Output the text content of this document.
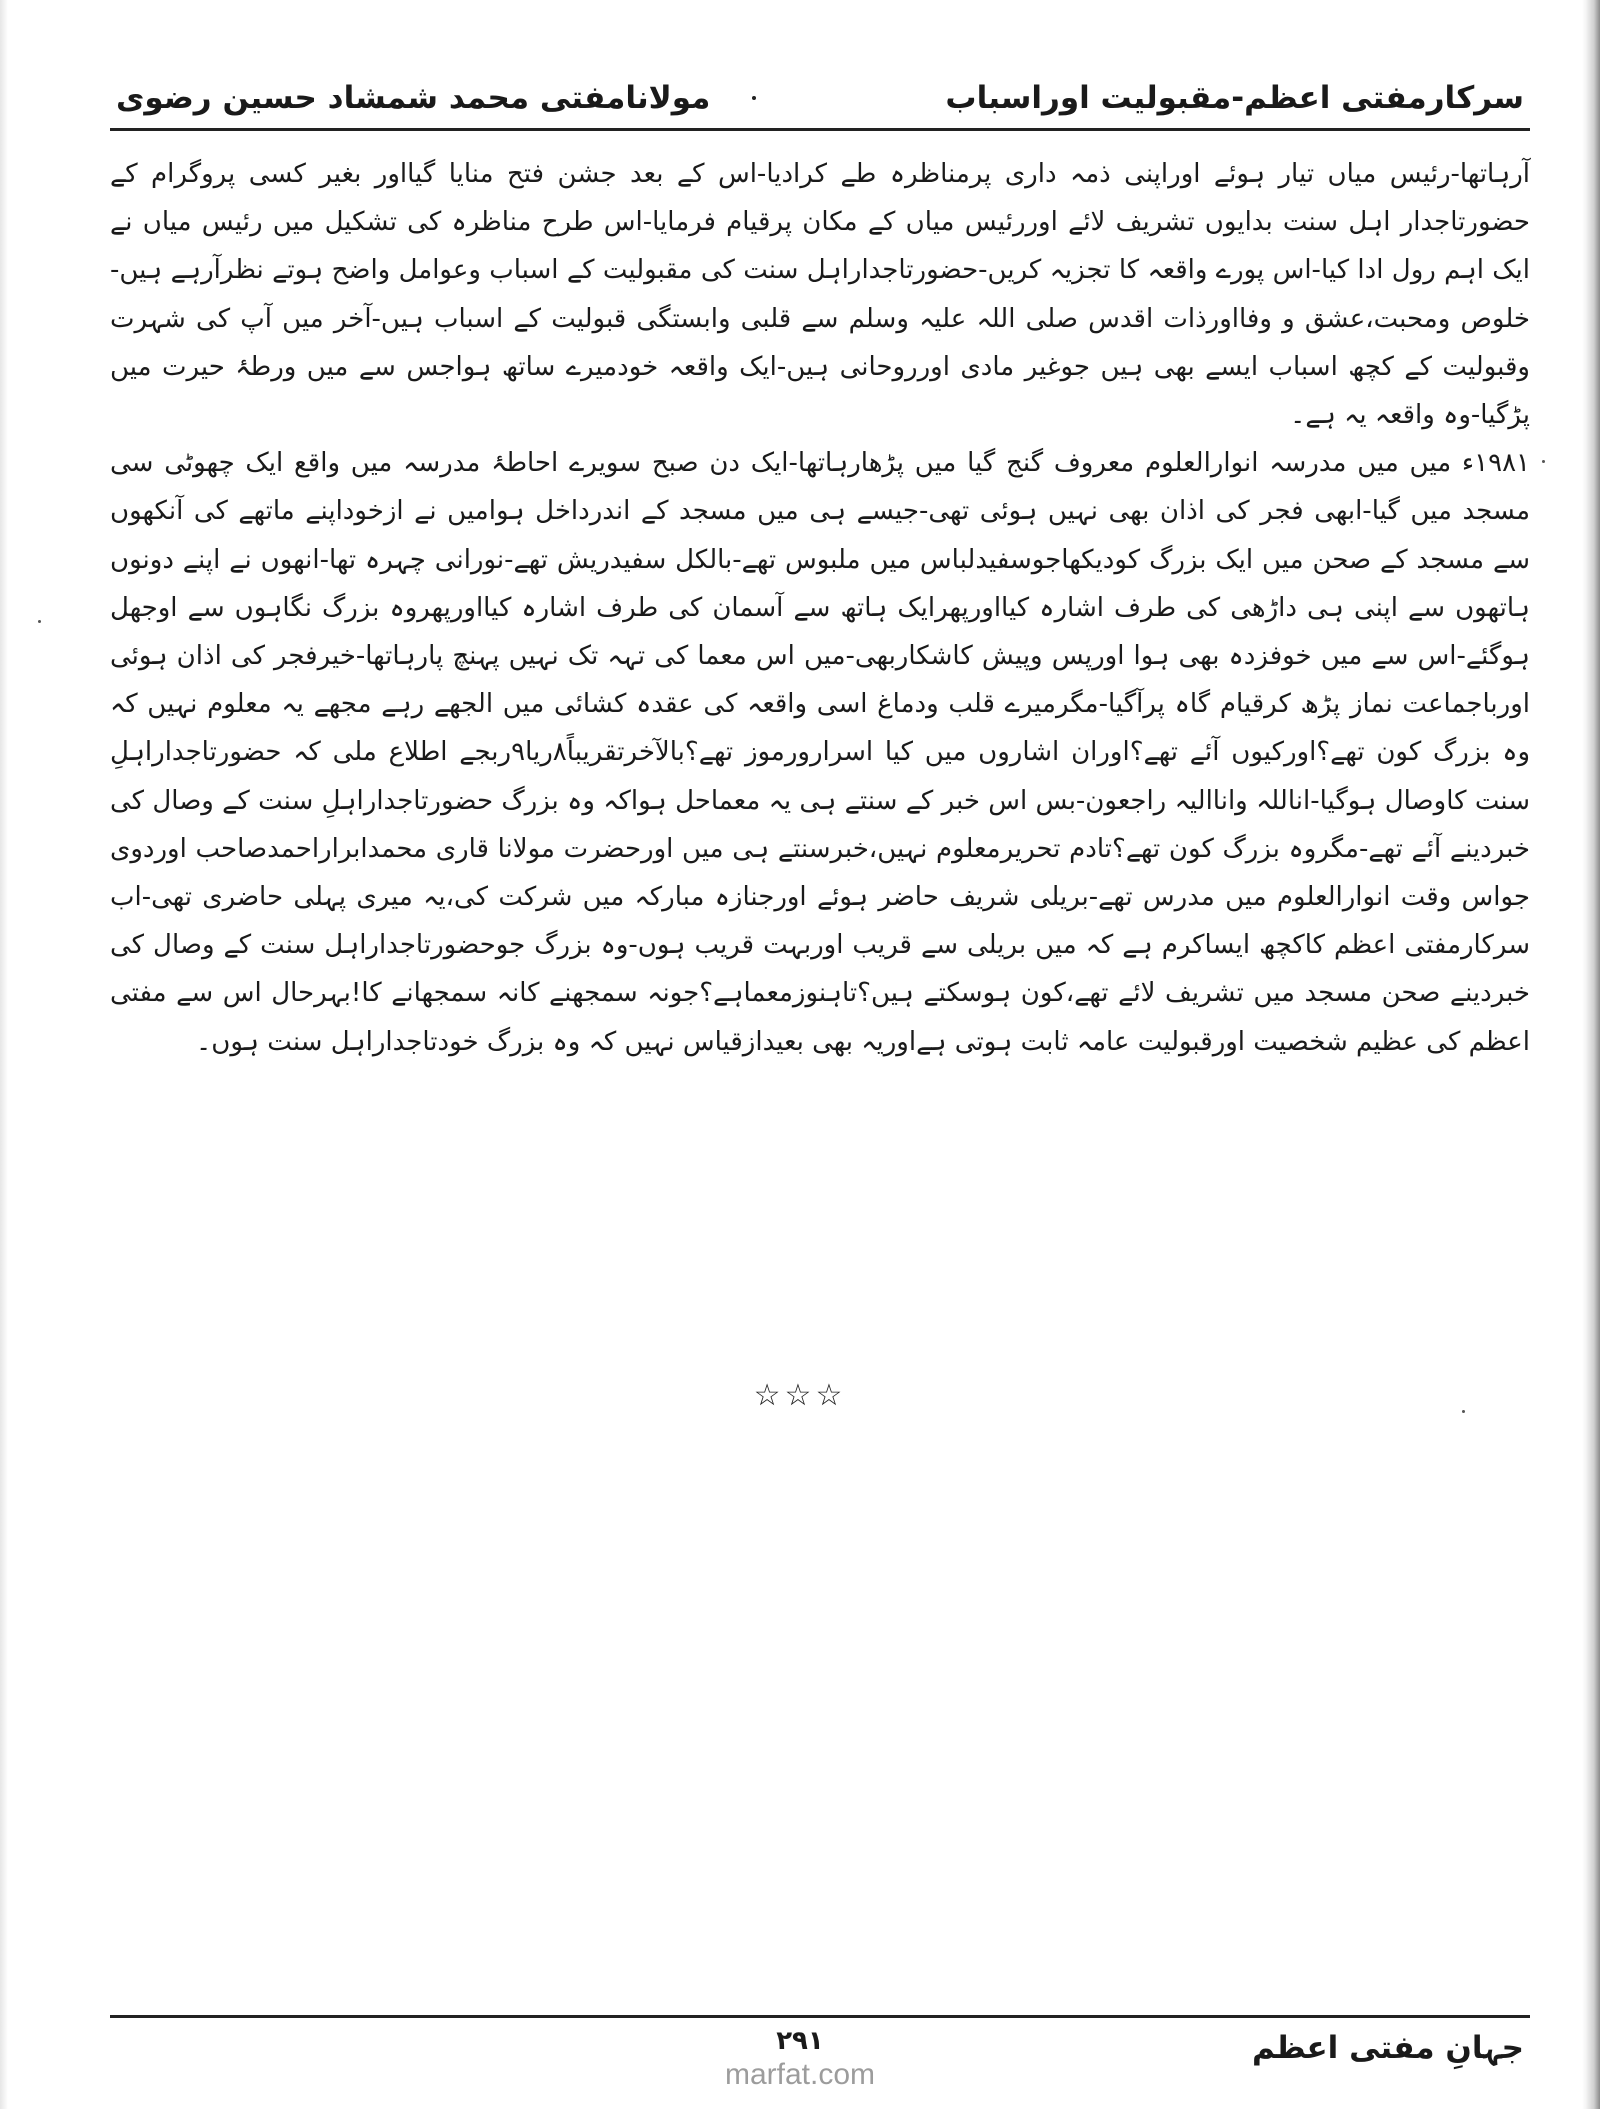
سرکارمفتی اعظم-مقبولیت اوراسباب
مولانامفتی محمد شمشاد حسین رضوی

آرہاتھا-رئیس میاں تیار ہوئے اوراپنی ذمہ داری پرمناظرہ طے کرادیا-اس کے بعد جشن فتح منایا گیااور بغیر کسی پروگرام کے حضورتاجدار اہل سنت بدایوں تشریف لائے اوررئیس میاں کے مکان پرقیام فرمایا-اس طرح مناظرہ کی تشکیل میں رئیس میاں نے ایک اہم رول ادا کیا-اس پورے واقعہ کا تجزیہ کریں-حضورتاجداراہل سنت کی مقبولیت کے اسباب وعوامل واضح ہوتے نظرآرہے ہیں-خلوص ومحبت،عشق و وفااورذات اقدس صلی اللہ علیہ وسلم سے قلبی وابستگی قبولیت کے اسباب ہیں-آخر میں آپ کی شہرت وقبولیت کے کچھ اسباب ایسے بھی ہیں جوغیر مادی اورروحانی ہیں-ایک واقعہ خودمیرے ساتھ ہواجس سے میں ورطۂ حیرت میں پڑگیا-وہ واقعہ یہ ہے۔

۱۹۸۱ء میں میں مدرسہ انوارالعلوم معروف گنج گیا میں پڑھارہاتھا-ایک دن صبح سویرے احاطۂ مدرسہ میں واقع ایک چھوٹی سی مسجد میں گیا-ابھی فجر کی اذان بھی نہیں ہوئی تھی-جیسے ہی میں مسجد کے اندرداخل ہوامیں نے ازخوداپنے ماتھے کی آنکھوں سے مسجد کے صحن میں ایک بزرگ کودیکھاجوسفیدلباس میں ملبوس تھے-بالکل سفیدریش تھے-نورانی چہرہ تھا-انھوں نے اپنے دونوں ہاتھوں سے اپنی ہی داڑھی کی طرف اشارہ کیااورپھرایک ہاتھ سے آسمان کی طرف اشارہ کیااورپھروہ بزرگ نگاہوں سے اوجھل ہوگئے-اس سے میں خوفزدہ بھی ہوا اورپس وپیش کاشکاربھی-میں اس معما کی تہہ تک نہیں پہنچ پارہاتھا-خیرفجر کی اذان ہوئی اورباجماعت نماز پڑھ کرقیام گاہ پرآگیا-مگرمیرے قلب ودماغ اسی واقعہ کی عقدہ کشائی میں الجھے رہے مجھے یہ معلوم نہیں کہ وہ بزرگ کون تھے؟اورکیوں آئے تھے؟اوران اشاروں میں کیا اسرارورموز تھے؟بالآخرتقریباً۸ریا۹ربجے اطلاع ملی کہ حضورتاجداراہلِ سنت کاوصال ہوگیا-اناللہ واناالیہ راجعون-بس اس خبر کے سنتے ہی یہ معماحل ہواکہ وہ بزرگ حضورتاجداراہلِ سنت کے وصال کی خبردینے آئے تھے-مگروہ بزرگ کون تھے؟تادم تحریرمعلوم نہیں،خبرسنتے ہی میں اورحضرت مولانا قاری محمدابراراحمدصاحب اوردوی جواس وقت انوارالعلوم میں مدرس تھے-بریلی شریف حاضر ہوئے اورجنازہ مبارکہ میں شرکت کی،یہ میری پہلی حاضری تھی-اب سرکارمفتی اعظم کاکچھ ایساکرم ہے کہ میں بریلی سے قریب اوربہت قریب ہوں-وہ بزرگ جوحضورتاجداراہل سنت کے وصال کی خبردینے صحن مسجد میں تشریف لائے تھے،کون ہوسکتے ہیں؟تاہنوزمعماہے؟جونہ سمجھنے کانہ سمجھانے کا!بہرحال اس سے مفتی اعظم کی عظیم شخصیت اورقبولیت عامہ ثابت ہوتی ہےاوریہ بھی بعیدازقیاس نہیں کہ وہ بزرگ خودتاجداراہل سنت ہوں۔

☆☆☆
جہانِ مفتی اعظم
۲۹۱
marfat.com
